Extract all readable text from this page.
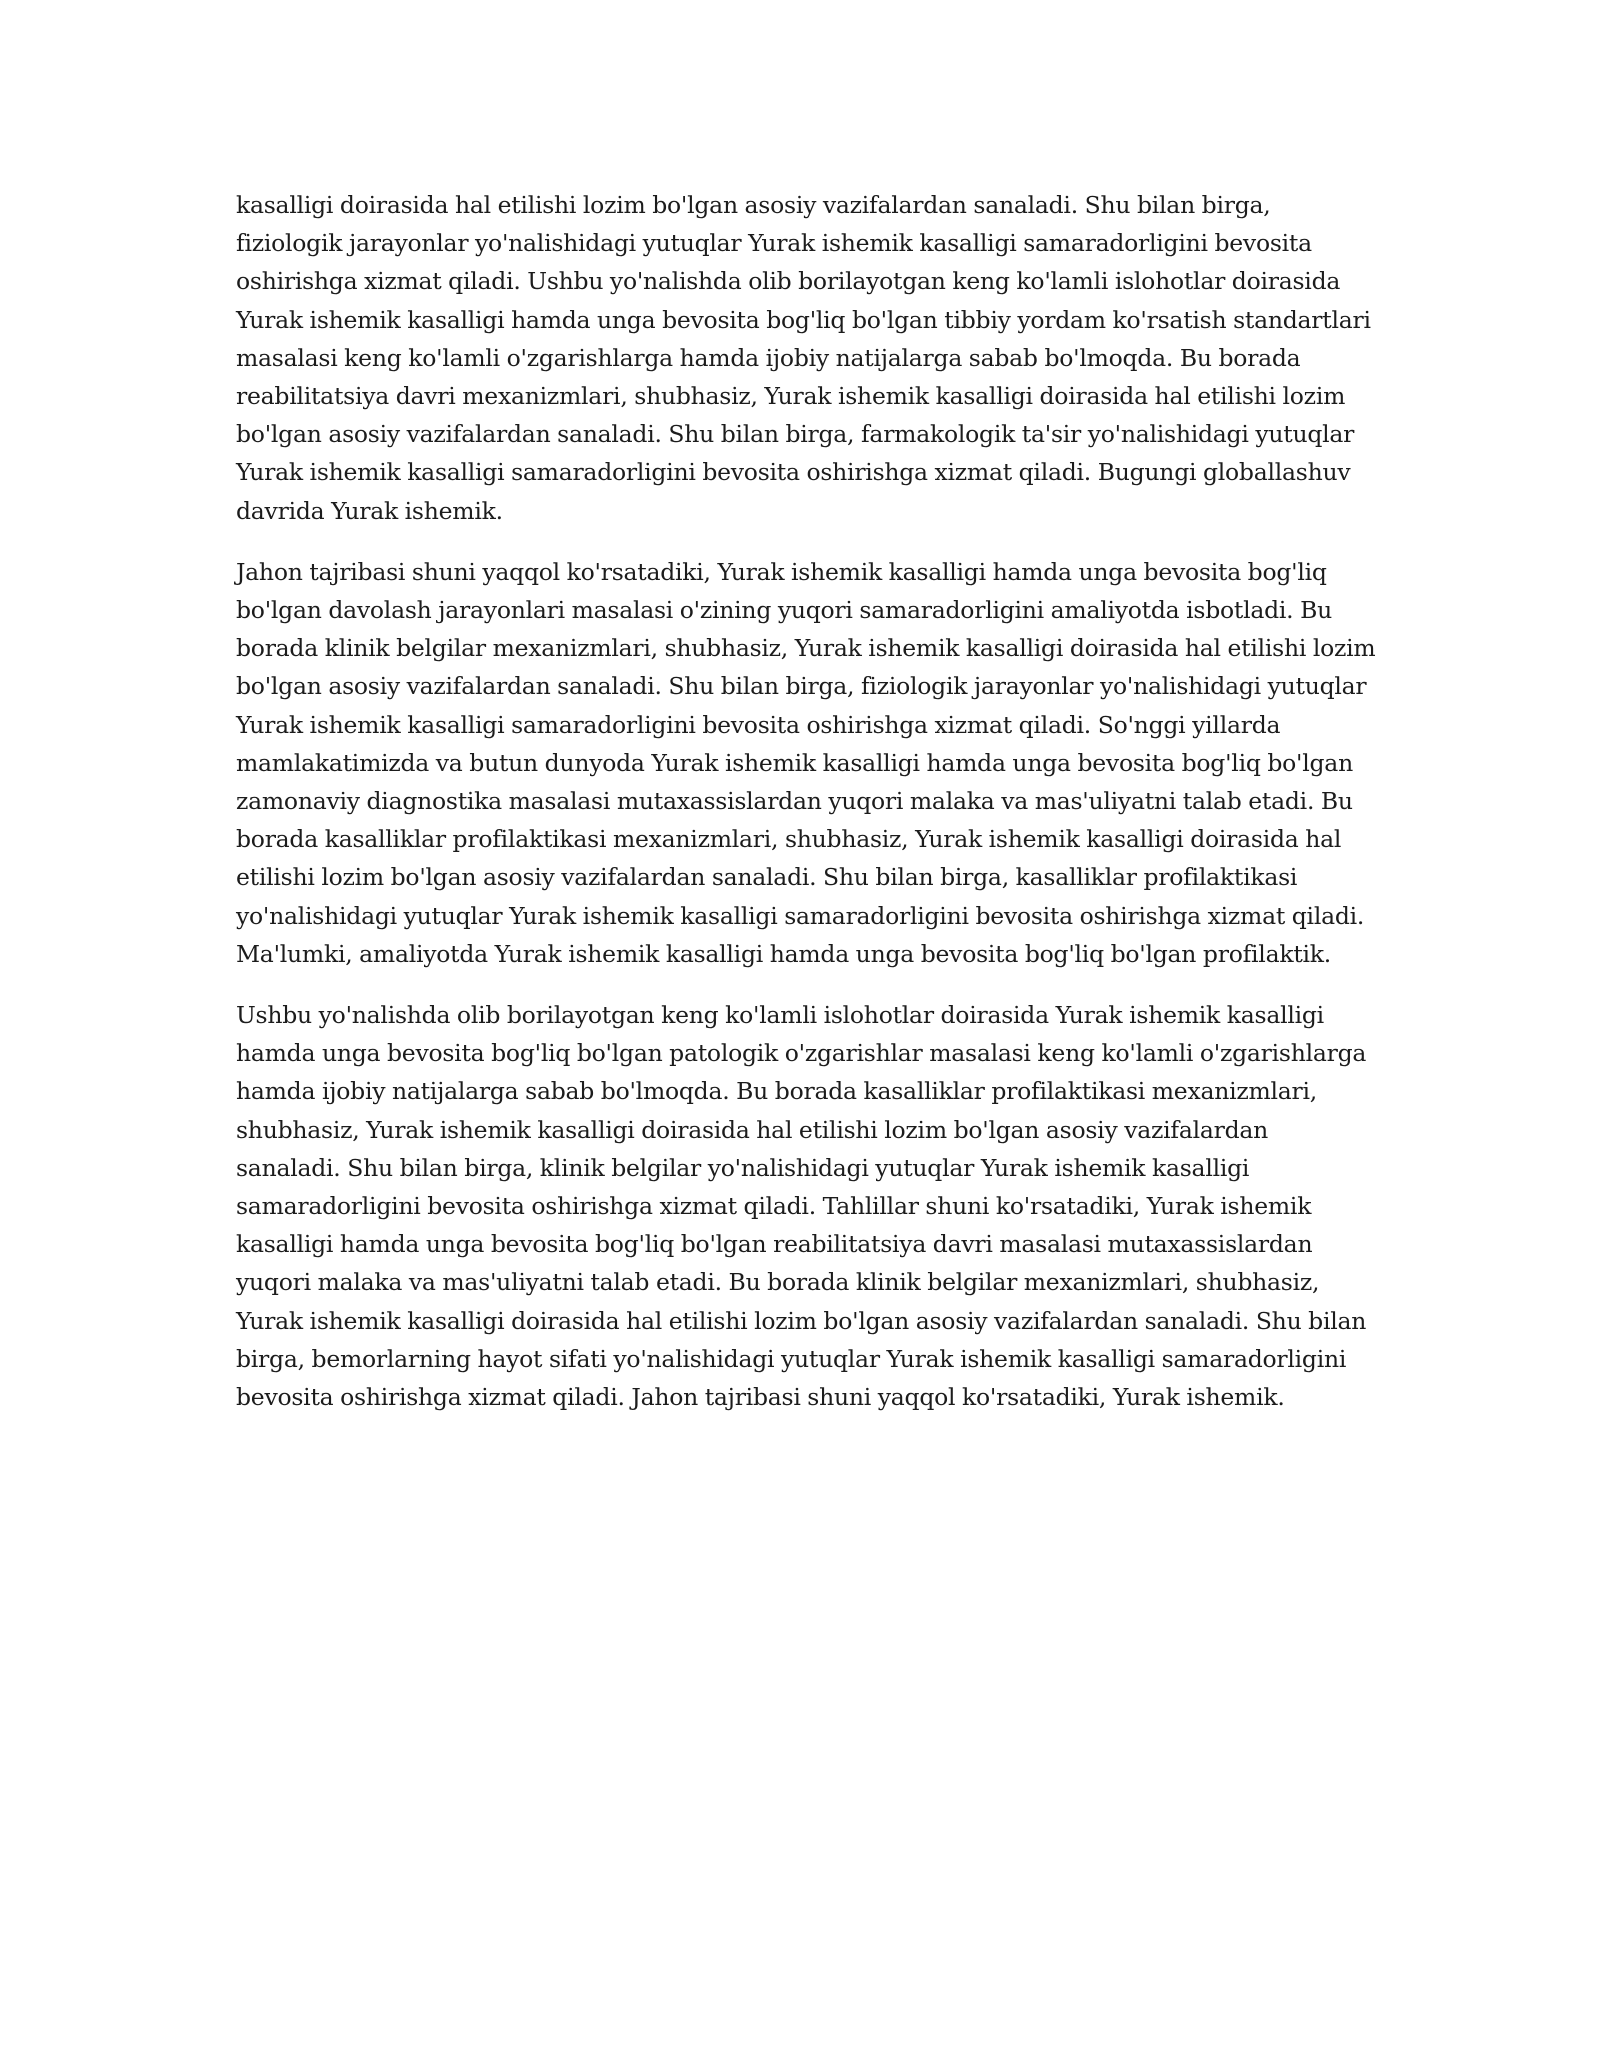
kasalligi doirasida hal etilishi lozim bo'lgan asosiy vazifalardan sanaladi. Shu bilan birga, fiziologik jarayonlar yo'nalishidagi yutuqlar Yurak ishemik kasalligi samaradorligini bevosita oshirishga xizmat qiladi. Ushbu yo'nalishda olib borilayotgan keng ko'lamli islohotlar doirasida Yurak ishemik kasalligi hamda unga bevosita bog'liq bo'lgan tibbiy yordam ko'rsatish standartlari masalasi keng ko'lamli o'zgarishlarga hamda ijobiy natijalarga sabab bo'lmoqda. Bu borada reabilitatsiya davri mexanizmlari, shubhasiz, Yurak ishemik kasalligi doirasida hal etilishi lozim bo'lgan asosiy vazifalardan sanaladi. Shu bilan birga, farmakologik ta'sir yo'nalishidagi yutuqlar Yurak ishemik kasalligi samaradorligini bevosita oshirishga xizmat qiladi. Bugungi globallashuv davrida Yurak ishemik.

Jahon tajribasi shuni yaqqol ko'rsatadiki, Yurak ishemik kasalligi hamda unga bevosita bog'liq bo'lgan davolash jarayonlari masalasi o'zining yuqori samaradorligini amaliyotda isbotladi. Bu borada klinik belgilar mexanizmlari, shubhasiz, Yurak ishemik kasalligi doirasida hal etilishi lozim bo'lgan asosiy vazifalardan sanaladi. Shu bilan birga, fiziologik jarayonlar yo'nalishidagi yutuqlar Yurak ishemik kasalligi samaradorligini bevosita oshirishga xizmat qiladi. So'nggi yillarda mamlakatimizda va butun dunyoda Yurak ishemik kasalligi hamda unga bevosita bog'liq bo'lgan zamonaviy diagnostika masalasi mutaxassislardan yuqori malaka va mas'uliyatni talab etadi. Bu borada kasalliklar profilaktikasi mexanizmlari, shubhasiz, Yurak ishemik kasalligi doirasida hal etilishi lozim bo'lgan asosiy vazifalardan sanaladi. Shu bilan birga, kasalliklar profilaktikasi yo'nalishidagi yutuqlar Yurak ishemik kasalligi samaradorligini bevosita oshirishga xizmat qiladi. Ma'lumki, amaliyotda Yurak ishemik kasalligi hamda unga bevosita bog'liq bo'lgan profilaktik.

Ushbu yo'nalishda olib borilayotgan keng ko'lamli islohotlar doirasida Yurak ishemik kasalligi hamda unga bevosita bog'liq bo'lgan patologik o'zgarishlar masalasi keng ko'lamli o'zgarishlarga hamda ijobiy natijalarga sabab bo'lmoqda. Bu borada kasalliklar profilaktikasi mexanizmlari, shubhasiz, Yurak ishemik kasalligi doirasida hal etilishi lozim bo'lgan asosiy vazifalardan sanaladi. Shu bilan birga, klinik belgilar yo'nalishidagi yutuqlar Yurak ishemik kasalligi samaradorligini bevosita oshirishga xizmat qiladi. Tahlillar shuni ko'rsatadiki, Yurak ishemik kasalligi hamda unga bevosita bog'liq bo'lgan reabilitatsiya davri masalasi mutaxassislardan yuqori malaka va mas'uliyatni talab etadi. Bu borada klinik belgilar mexanizmlari, shubhasiz, Yurak ishemik kasalligi doirasida hal etilishi lozim bo'lgan asosiy vazifalardan sanaladi. Shu bilan birga, bemorlarning hayot sifati yo'nalishidagi yutuqlar Yurak ishemik kasalligi samaradorligini bevosita oshirishga xizmat qiladi. Jahon tajribasi shuni yaqqol ko'rsatadiki, Yurak ishemik.
